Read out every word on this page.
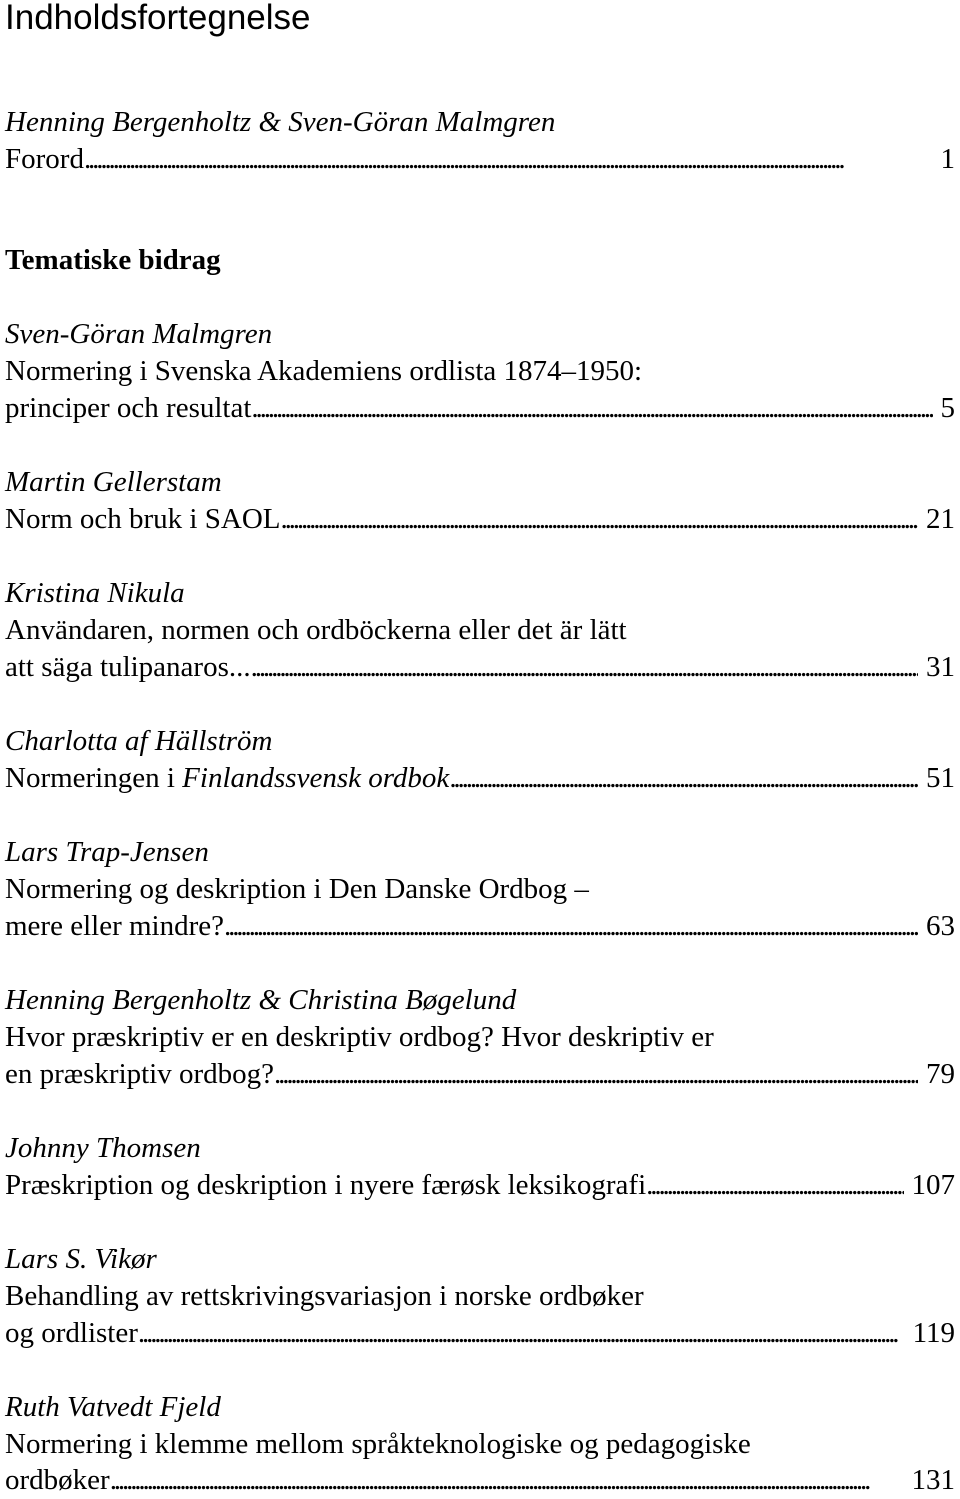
Indholdsfortegnelse
Henning Bergenholtz & Sven-Göran Malmgren
Forord . . .	1
Tematiske bidrag
Sven-Göran Malmgren
Normering i Svenska Akademiens ordlista 1874–1950:
principer och resultat . . .	5
Martin Gellerstam
Norm och bruk i SAOL . . .	21
Kristina Nikula
Användaren, normen och ordböckerna eller det är lätt
att säga tulipanaros... . . .	31
Charlotta af Hällström
Normeringen i Finlandssvensk ordbok . . .	51
Lars Trap-Jensen
Normering og deskription i Den Danske Ordbog –
mere eller mindre? . . .	63
Henning Bergenholtz & Christina Bøgelund
Hvor præskriptiv er en deskriptiv ordbog? Hvor deskriptiv er
en præskriptiv ordbog? . . .	79
Johnny Thomsen
Præskription og deskription i nyere færøsk leksikografi . . .	107
Lars S. Vikør
Behandling av rettskrivingsvariasjon i norske ordbøker
og ordlister . . .	119
Ruth Vatvedt Fjeld
Normering i klemme mellom språkteknologiske og pedagogiske
ordbøker . . .	131
